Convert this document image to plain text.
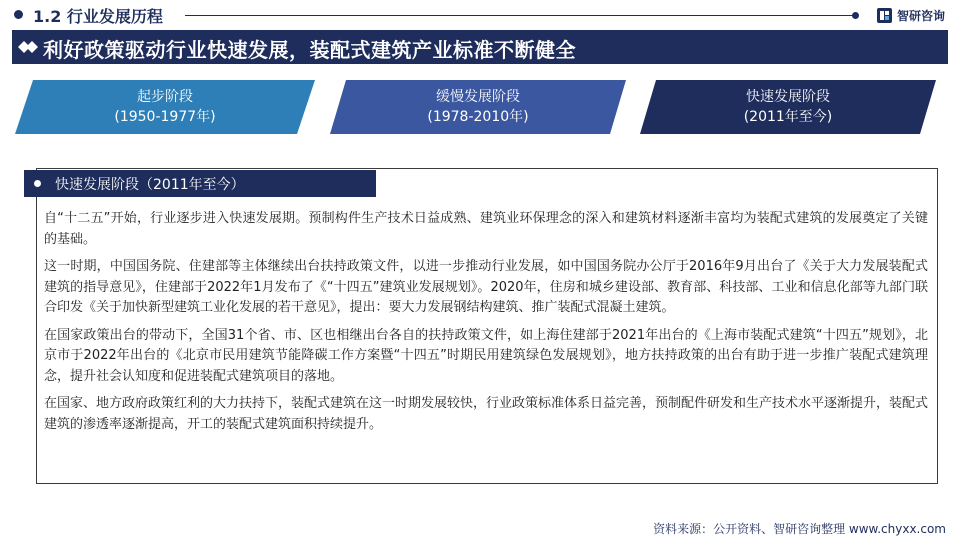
1.2 行业发展历程	智研咨询
利好政策驱动行业快速发展，装配式建筑产业标准不断健全
起步阶段
(1950-1977年)
缓慢发展阶段
(1978-2010年)
快速发展阶段
(2011年至今)
快速发展阶段（2011年至今）

自“十二五”开始，行业逐步进入快速发展期。预制构件生产技术日益成熟、建筑业环保理念的深入和建筑材料逐渐丰富均为装配式建筑的发展奠定了关键的基础。

这一时期，中国国务院、住建部等主体继续出台扶持政策文件，以进一步推动行业发展，如中国国务院办公厅于2016年9月出台了《关于大力发展装配式建筑的指导意见》，住建部于2022年1月发布了《“十四五”建筑业发展规划》。2020年，住房和城乡建设部、教育部、科技部、工业和信息化部等九部门联合印发《关于加快新型建筑工业化发展的若干意见》，提出：要大力发展钢结构建筑、推广装配式混凝土建筑。

在国家政策出台的带动下，全国31个省、市、区也相继出台各自的扶持政策文件，如上海住建部于2021年出台的《上海市装配式建筑“十四五”规划》，北京市于2022年出台的《北京市民用建筑节能降碳工作方案暨“十四五”时期民用建筑绿色发展规划》，地方扶持政策的出台有助于进一步推广装配式建筑理念，提升社会认知度和促进装配式建筑项目的落地。

在国家、地方政府政策红利的大力扶持下，装配式建筑在这一时期发展较快，行业政策标准体系日益完善，预制配件研发和生产技术水平逐渐提升，装配式建筑的渗透率逐渐提高，开工的装配式建筑面积持续提升。

资料来源：公开资料、智研咨询整理 www.chyxx.com
